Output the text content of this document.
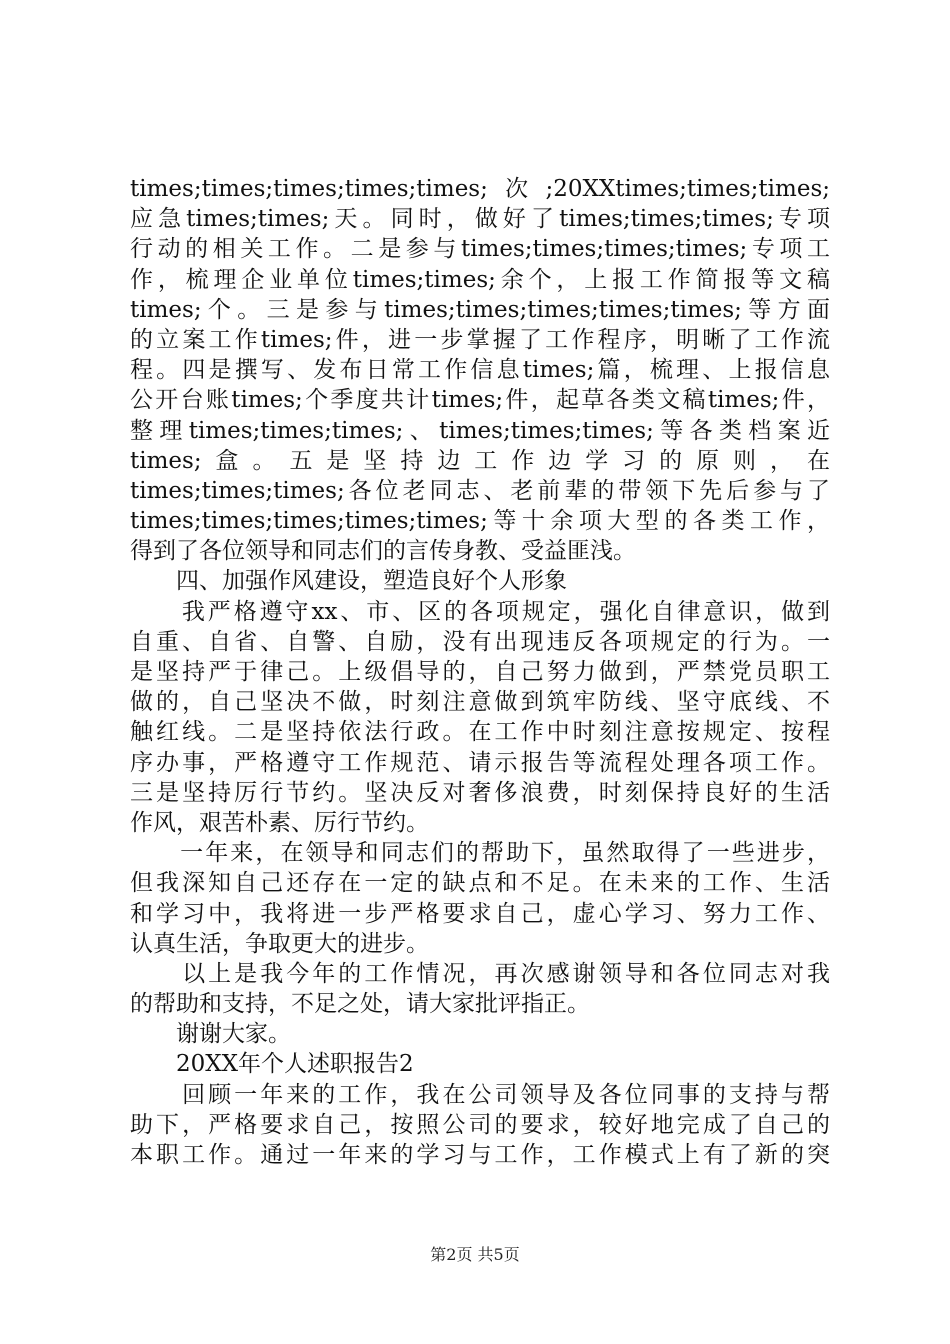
times;times;times;times;times;次;20XXtimes;times;times;
应急times;times;天。同时，做好了times;times;times;专项
行动的相关工作。二是参与times;times;times;times;专项工
作，梳理企业单位times;times;余个，上报工作简报等文稿
times;个。三是参与times;times;times;times;times;等方面
的立案工作times;件，进一步掌握了工作程序，明晰了工作流
程。四是撰写、发布日常工作信息times;篇，梳理、上报信息
公开台账times;个季度共计times;件，起草各类文稿times;件，
整理times;times;times;、times;times;times;等各类档案近
times;盒。五是坚持边工作边学习的原则，在
times;times;times;各位老同志、老前辈的带领下先后参与了
times;times;times;times;times;等十余项大型的各类工作，
得到了各位领导和同志们的言传身教、受益匪浅。
　　四、加强作风建设，塑造良好个人形象
　　我严格遵守xx、市、区的各项规定，强化自律意识，做到
自重、自省、自警、自励，没有出现违反各项规定的行为。一
是坚持严于律己。上级倡导的，自己努力做到，严禁党员职工
做的，自己坚决不做，时刻注意做到筑牢防线、坚守底线、不
触红线。二是坚持依法行政。在工作中时刻注意按规定、按程
序办事，严格遵守工作规范、请示报告等流程处理各项工作。
三是坚持厉行节约。坚决反对奢侈浪费，时刻保持良好的生活
作风，艰苦朴素、厉行节约。
　　一年来，在领导和同志们的帮助下，虽然取得了一些进步，
但我深知自己还存在一定的缺点和不足。在未来的工作、生活
和学习中，我将进一步严格要求自己，虚心学习、努力工作、
认真生活，争取更大的进步。
　　以上是我今年的工作情况，再次感谢领导和各位同志对我
的帮助和支持，不足之处，请大家批评指正。
　　谢谢大家。
　　20XX年个人述职报告2
　　回顾一年来的工作，我在公司领导及各位同事的支持与帮
助下，严格要求自己，按照公司的要求，较好地完成了自己的
本职工作。通过一年来的学习与工作，工作模式上有了新的突
第2页 共5页
